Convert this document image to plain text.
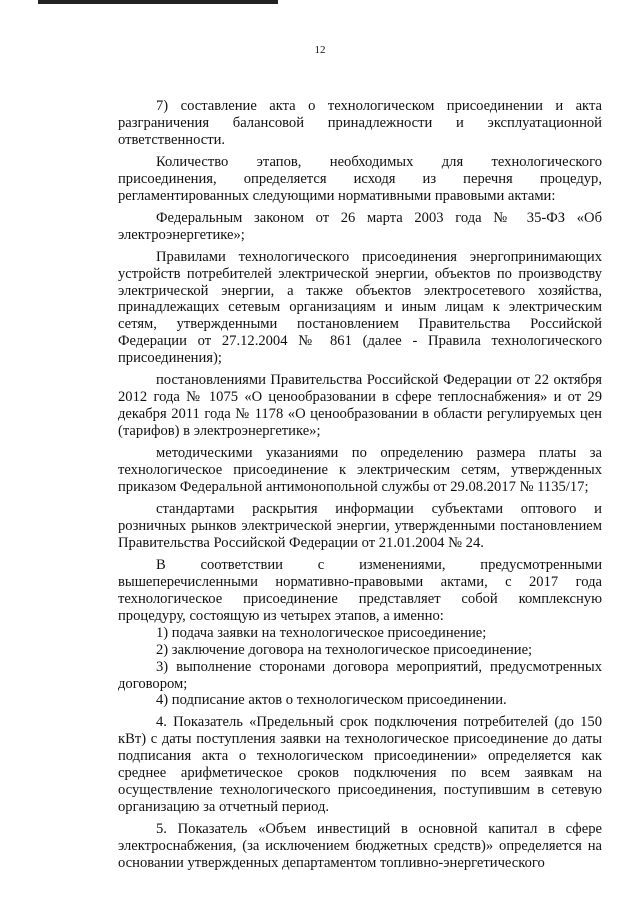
12

7) составление акта о технологическом присоединении и акта разграничения балансовой принадлежности и эксплуатационной ответственности.

Количество этапов, необходимых для технологического присоединения, определяется исходя из перечня процедур, регламентированных следующими нормативными правовыми актами:

Федеральным законом от 26 марта 2003 года № 35-ФЗ «Об электроэнергетике»;

Правилами технологического присоединения энергопринимающих устройств потребителей электрической энергии, объектов по производству электрической энергии, а также объектов электросетевого хозяйства, принадлежащих сетевым организациям и иным лицам к электрическим сетям, утвержденными постановлением Правительства Российской Федерации от 27.12.2004 № 861 (далее - Правила технологического присоединения);

постановлениями Правительства Российской Федерации от 22 октября 2012 года № 1075 «О ценообразовании в сфере теплоснабжения» и от 29 декабря 2011 года № 1178 «О ценообразовании в области регулируемых цен (тарифов) в электроэнергетике»;

методическими указаниями по определению размера платы за технологическое присоединение к электрическим сетям, утвержденных приказом Федеральной антимонопольной службы от 29.08.2017 № 1135/17;

стандартами раскрытия информации субъектами оптового и розничных рынков электрической энергии, утвержденными постановлением Правительства Российской Федерации от 21.01.2004 № 24.

В соответствии с изменениями, предусмотренными вышеперечисленными нормативно-правовыми актами, с 2017 года технологическое присоединение представляет собой комплексную процедуру, состоящую из четырех этапов, а именно:

1) подача заявки на технологическое присоединение;

2) заключение договора на технологическое присоединение;

3) выполнение сторонами договора мероприятий, предусмотренных договором;

4) подписание актов о технологическом присоединении.

4. Показатель «Предельный срок подключения потребителей (до 150 кВт) с даты поступления заявки на технологическое присоединение до даты подписания акта о технологическом присоединении» определяется как среднее арифметическое сроков подключения по всем заявкам на осуществление технологического присоединения, поступившим в сетевую организацию за отчетный период.

5. Показатель «Объем инвестиций в основной капитал в сфере электроснабжения, (за исключением бюджетных средств)» определяется на основании утвержденных департаментом топливно-энергетического
